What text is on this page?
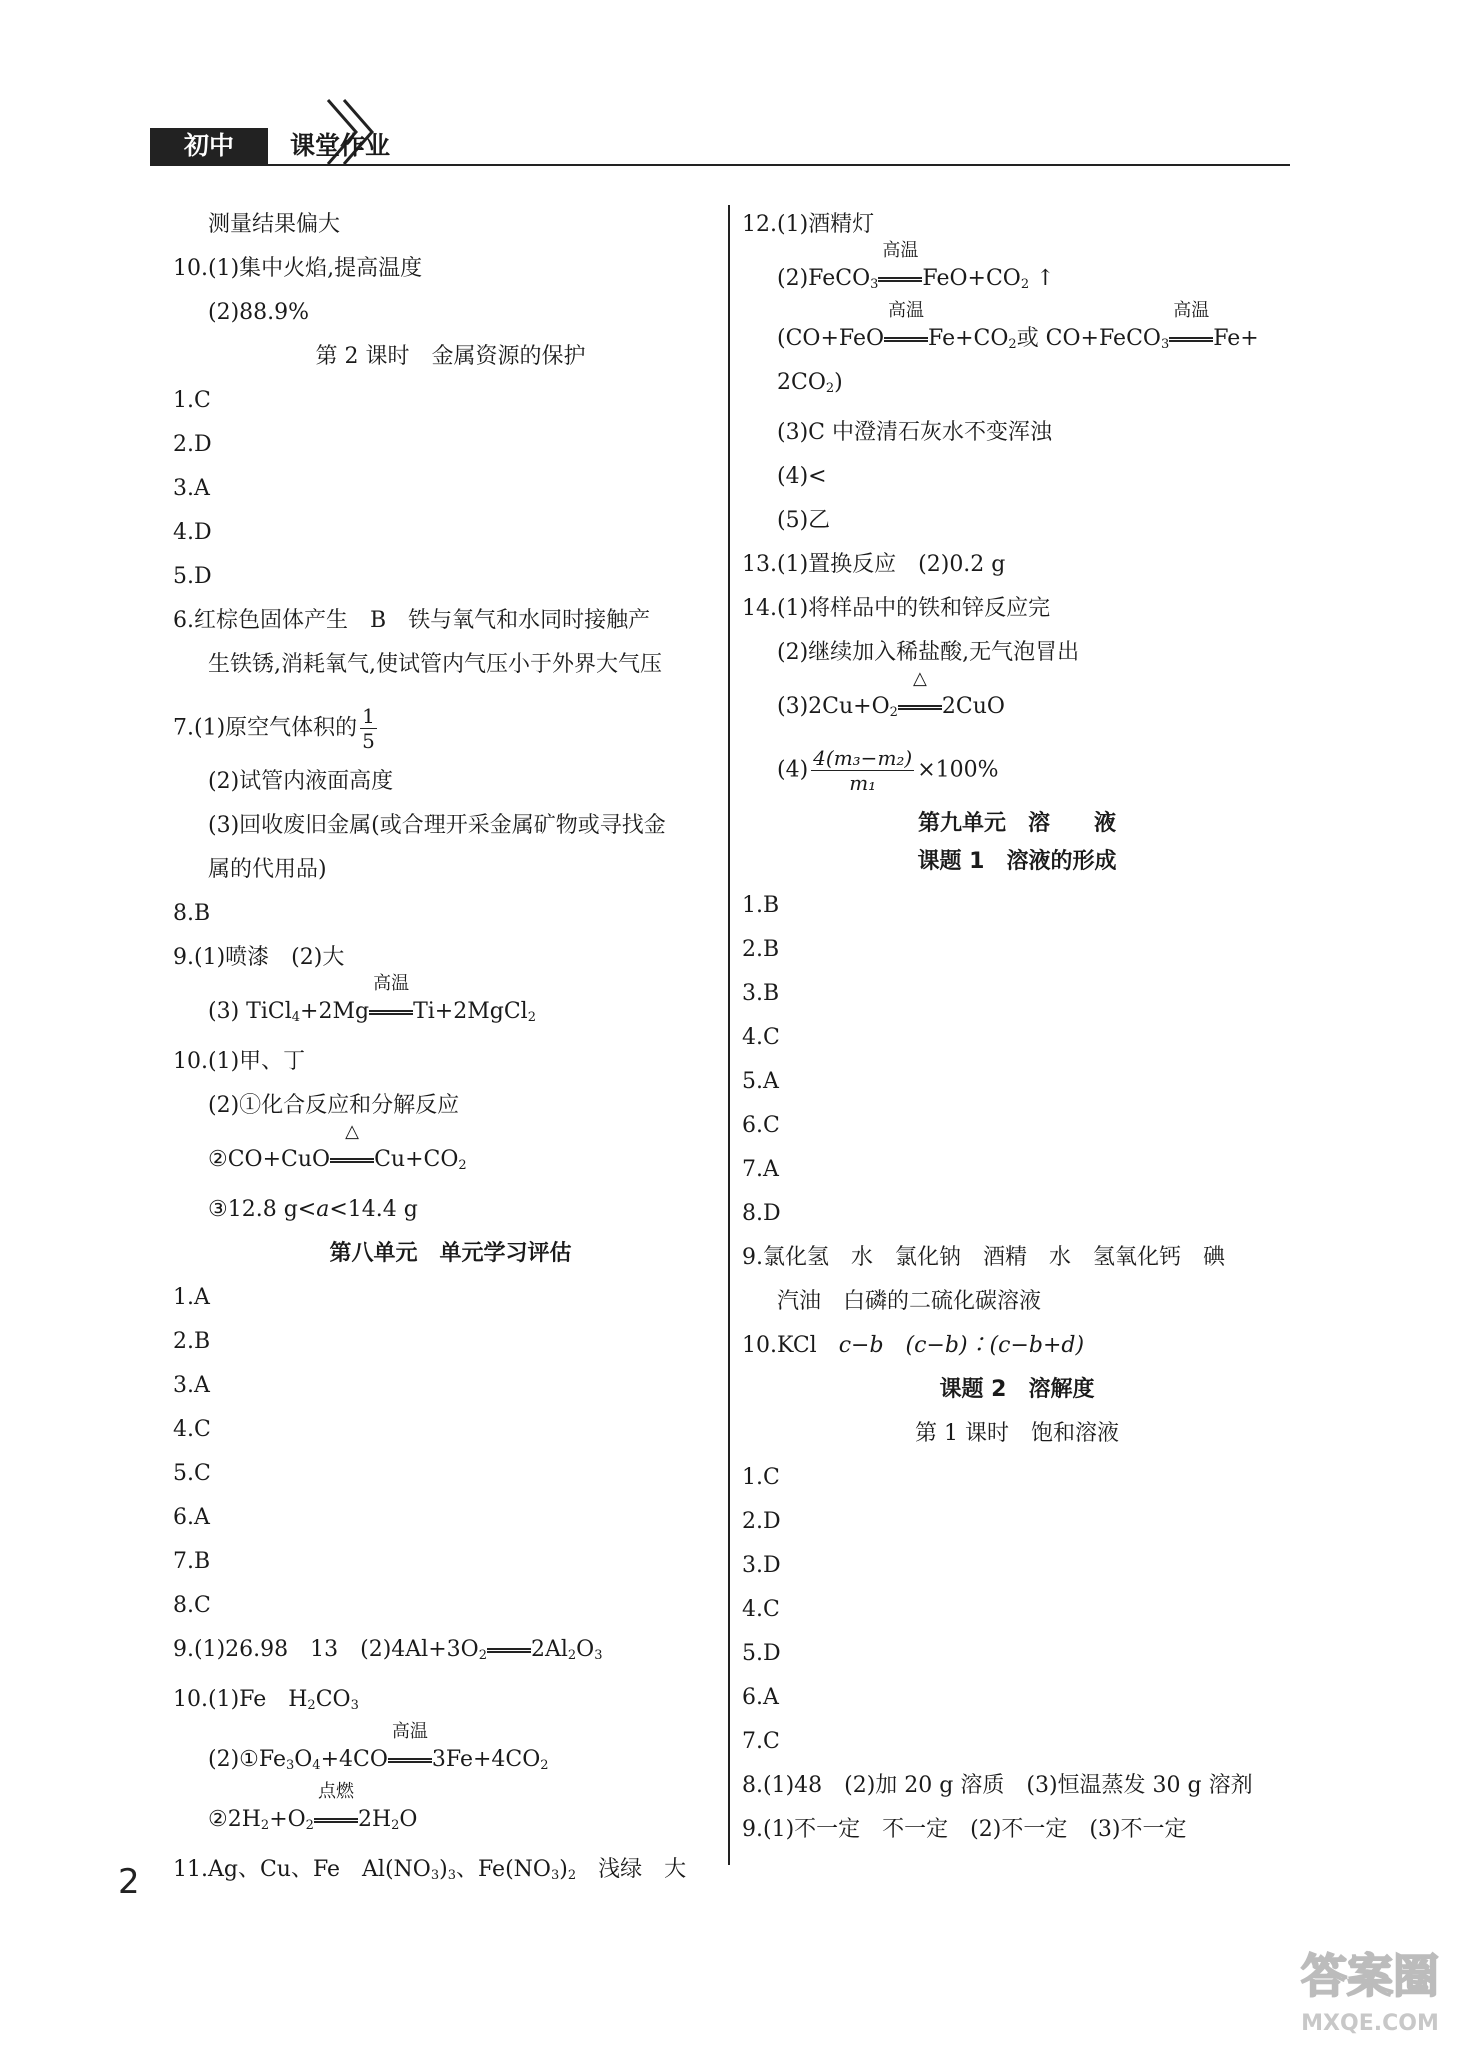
初中	课堂作业
测量结果偏大
10.(1)集中火焰,提高温度
(2)88.9%
第 2 课时　金属资源的保护
1.C
2.D
3.A
4.D
5.D
6.红棕色固体产生　B　铁与氧气和水同时接触产
生铁锈,消耗氧气,使试管内气压小于外界大气压
7.(1)原空气体积的 $\frac{1}{5}$
(2)试管内液面高度
(3)回收废旧金属(或合理开采金属矿物或寻找金
属的代用品)
8.B
9.(1)喷漆　(2)大
(3) TiCl$_4$+2Mg
高温
Ti+2MgCl$_2$
10.(1)甲、丁
(2)①化合反应和分解反应
②CO+CuO
△
$Cu+CO_2$
③12.8 g<a<14.4 g
第八单元　单元学习评估
1.A
2.B
3.A
4.C
5.C
6.A
7.B
8.C
9.(1)26.98　13　$(2)4Al+3O_2$ $2Al_2O_3$
10.(1)Fe　$H_2CO_3$
$(2)①Fe_3O_4+4CO$
高温
$3Fe+4CO_2$
$②2H_2+O_2$
点燃
$2H_2O$
11.Ag、Cu、Fe　$Al(NO_3)_3$、$Fe(NO_3)_2$　浅绿　大
12.(1)酒精灯
(2)FeCO$_3$
高温
$FeO+CO_2$ ↑
(CO+FeO
高温
$Fe+CO_2$或 CO+FeCO$_3$
高温
Fe+
$2CO_2$)
(3)C 中澄清石灰水不变浑浊
(4)<
(5)乙
13.(1)置换反应　(2)0.2 g
14.(1)将样品中的铁和锌反应完
(2)继续加入稀盐酸,无气泡冒出
$(3)2Cu+O_2$
△
2CuO
$(4) \frac{\text{4(m₃−m₂)}}{\text{m₁}} \times 100\%$
第九单元　溶　　液
课题 1　溶液的形成
1.B
2.B
3.B
4.C
5.A
6.C
7.A
8.D
9.氯化氢　水　氯化钠　酒精　水　氢氧化钙　碘
汽油　白磷的二硫化碳溶液
10.KCl　c−b　(c−b)∶(c−b+d)
课题 2　溶解度
第 1 课时　饱和溶液
1.C
2.D
3.D
4.C
5.D
6.A
7.C
8.(1)48　(2)加 20 g 溶质　(3)恒温蒸发 30 g 溶剂
9.(1)不一定　不一定　(2)不一定　(3)不一定
2
答案圈
MXQE.COM
